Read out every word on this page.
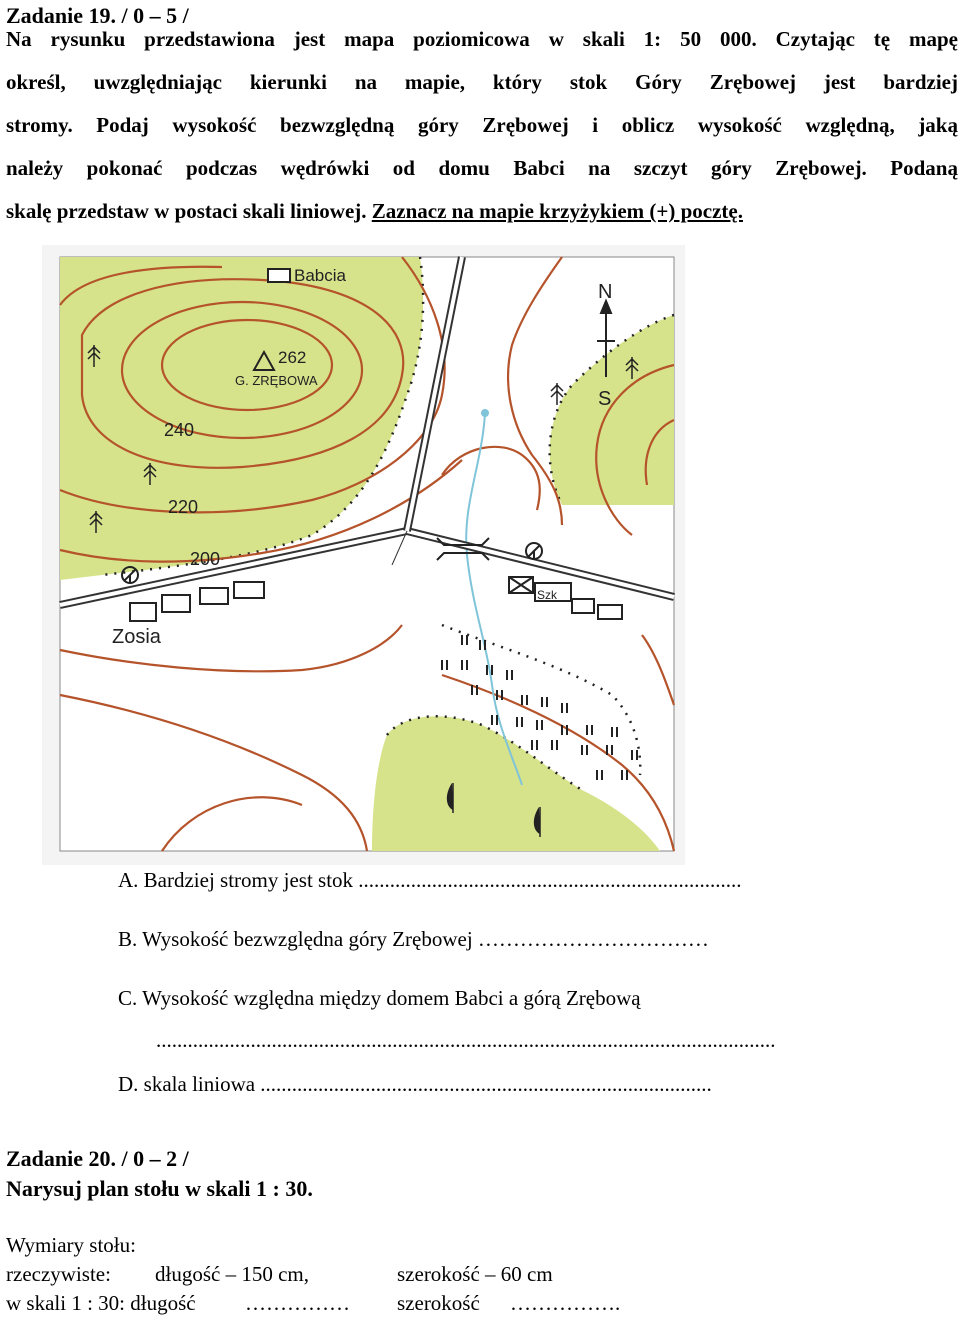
Zadanie 19. / 0 – 5 /
Na rysunku przedstawiona jest mapa poziomicowa w skali 1: 50 000. Czytając tę mapę
określ, uwzględniając kierunki na mapie, który stok Góry Zrębowej jest bardziej
stromy. Podaj wysokość bezwzględną góry Zrębowej i oblicz wysokość względną, jaką
należy pokonać podczas wędrówki od domu Babci na szczyt góry Zrębowej. Podaną
skalę przedstaw w postaci skali liniowej. Zaznacz na mapie krzyżykiem (+) pocztę.
Babcia
262
G. ZRĘBOWA
240
220
200
Zosia
Szk
N
S
A. Bardziej stromy jest stok .........................................................................
B. Wysokość bezwzględna góry Zrębowej ……………………………
C. Wysokość względna między domem Babci a górą Zrębową
......................................................................................................................
D. skala liniowa ......................................................................................
Zadanie 20. / 0 – 2 /
Narysuj plan stołu w skali 1 : 30.
Wymiary stołu:
rzeczywiste: długość – 150 cm,	szerokość – 60 cm
w skali 1 : 30: długość …………… szerokość …………….
